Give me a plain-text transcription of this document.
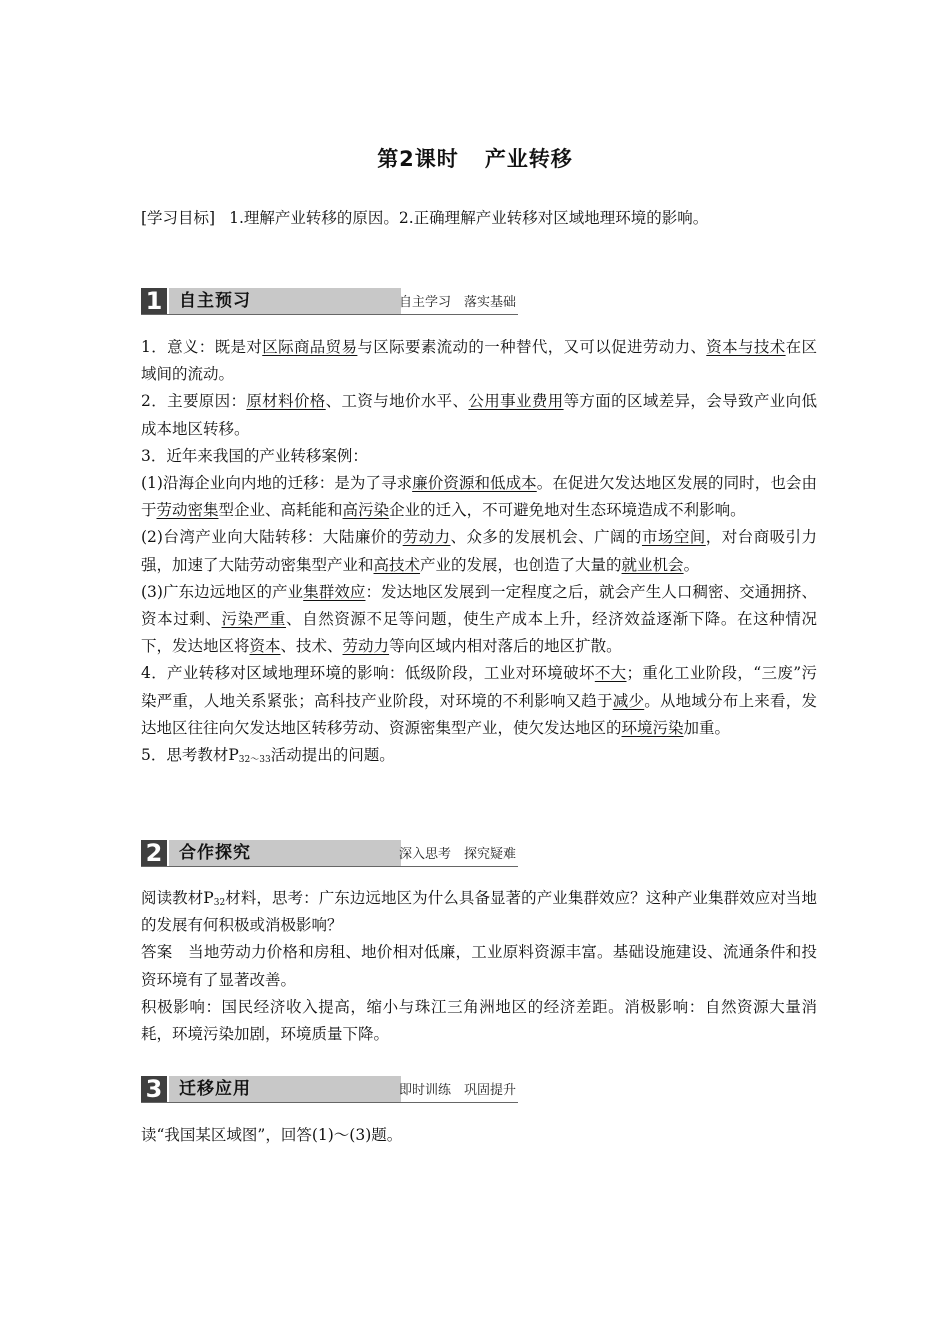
第2课时 产业转移
[学习目标] 1.理解产业转移的原因。2.正确理解产业转移对区域地理环境的影响。
1 自主预习	自主学习　落实基础

1．意义：既是对区际商品贸易与区际要素流动的一种替代，又可以促进劳动力、资本与技术在区域间的流动。

2．主要原因：原材料价格、工资与地价水平、公用事业费用等方面的区域差异，会导致产业向低成本地区转移。

3．近年来我国的产业转移案例：

(1)沿海企业向内地的迁移：是为了寻求廉价资源和低成本。在促进欠发达地区发展的同时，也会由于劳动密集型企业、高耗能和高污染企业的迁入，不可避免地对生态环境造成不利影响。

(2)台湾产业向大陆转移：大陆廉价的劳动力、众多的发展机会、广阔的市场空间，对台商吸引力强，加速了大陆劳动密集型产业和高技术产业的发展，也创造了大量的就业机会。

(3)广东边远地区的产业集群效应：发达地区发展到一定程度之后，就会产生人口稠密、交通拥挤、资本过剩、污染严重、自然资源不足等问题，使生产成本上升，经济效益逐渐下降。在这种情况下，发达地区将资本、技术、劳动力等向区域内相对落后的地区扩散。

4．产业转移对区域地理环境的影响：低级阶段，工业对环境破坏不大；重化工业阶段，“三废”污染严重，人地关系紧张；高科技产业阶段，对环境的不利影响又趋于减少。从地域分布上来看，发达地区往往向欠发达地区转移劳动、资源密集型产业，使欠发达地区的环境污染加重。

5．思考教材$P_{32\sim 33}$活动提出的问题。

2 合作探究	深入思考　探究疑难

阅读教材$P_{32}$材料，思考：广东边远地区为什么具备显著的产业集群效应？这种产业集群效应对当地的发展有何积极或消极影响？

答案　当地劳动力价格和房租、地价相对低廉，工业原料资源丰富。基础设施建设、流通条件和投资环境有了显著改善。

积极影响：国民经济收入提高，缩小与珠江三角洲地区的经济差距。消极影响：自然资源大量消耗，环境污染加剧，环境质量下降。

3 迁移应用	即时训练　巩固提升

读“我国某区域图”，回答(1)～(3)题。
